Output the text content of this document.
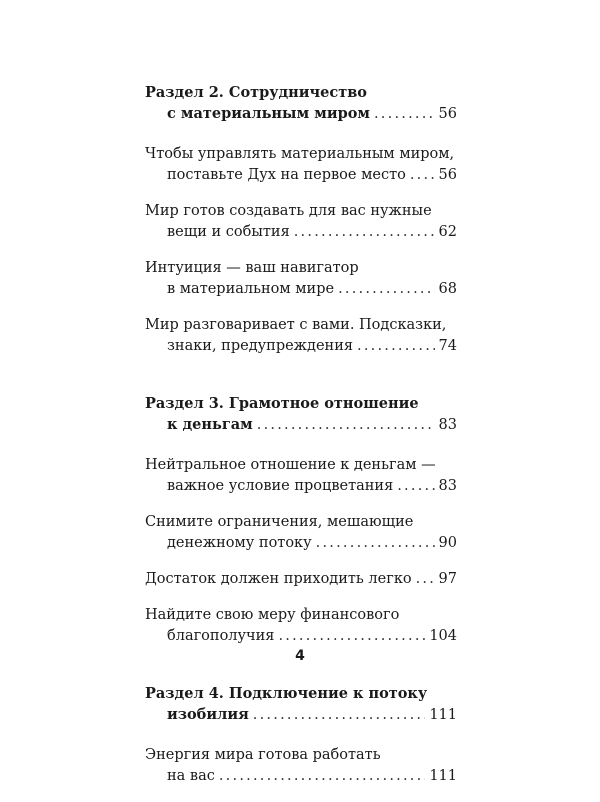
Раздел 2. Сотрудничество
с материальным миром . . .	56
Чтобы управлять материальным миром,
поставьте Дух на первое место . . . 56
Мир готов создавать для вас нужные
вещи и события . . .	62
Интуиция — ваш навигатор
в материальном мире . . .	68
Мир разговаривает с вами. Подсказки,
знаки, предупреждения . . .	74
Раздел 3. Грамотное отношение
к деньгам . . .	83
Нейтральное отношение к деньгам —
важное условие процветания . . .	83
Снимите ограничения, мешающие
денежному потоку . . .	90
Достаток должен приходить легко . . . 97
Найдите свою меру финансового
благополучия . . .	104
Раздел 4. Подключение к потоку
изобилия . . .	111
Энергия мира готова работать
на вас . . .	111
4
